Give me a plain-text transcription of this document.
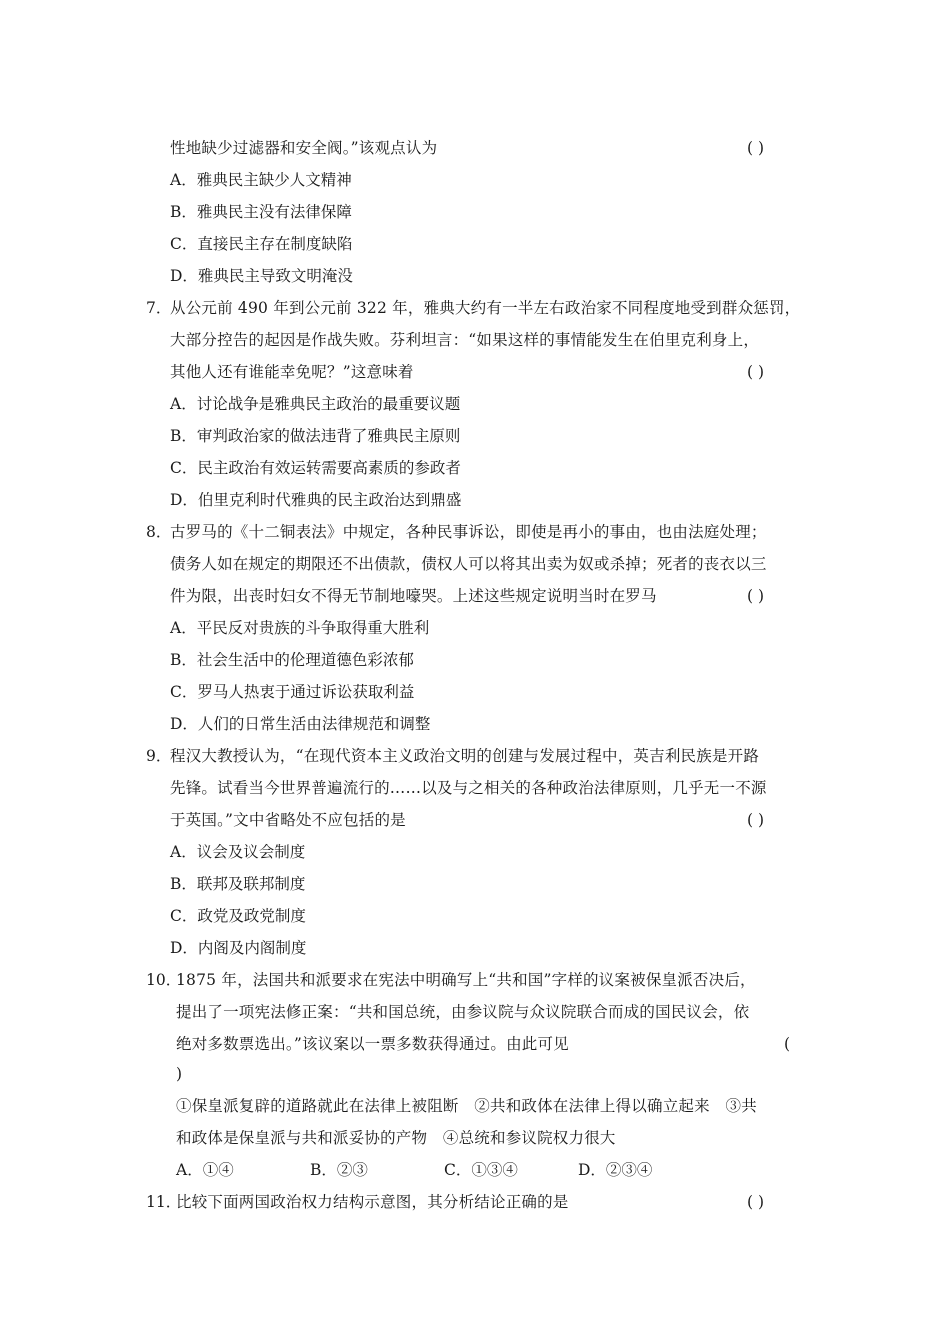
性地缺少过滤器和安全阀。”该观点认为	( )
A．雅典民主缺少人文精神
B．雅典民主没有法律保障
C．直接民主存在制度缺陷
D．雅典民主导致文明淹没
7．
从公元前 490 年到公元前 322 年，雅典大约有一半左右政治家不同程度地受到群众惩罚，
大部分控告的起因是作战失败。芬利坦言：“如果这样的事情能发生在伯里克利身上，
其他人还有谁能幸免呢？”这意味着	( )
A．讨论战争是雅典民主政治的最重要议题
B．审判政治家的做法违背了雅典民主原则
C．民主政治有效运转需要高素质的参政者
D．伯里克利时代雅典的民主政治达到鼎盛
8．
古罗马的《十二铜表法》中规定，各种民事诉讼，即使是再小的事由，也由法庭处理；
债务人如在规定的期限还不出债款，债权人可以将其出卖为奴或杀掉；死者的丧衣以三
件为限，出丧时妇女不得无节制地嚎哭。上述这些规定说明当时在罗马	( )
A．平民反对贵族的斗争取得重大胜利
B．社会生活中的伦理道德色彩浓郁
C．罗马人热衷于通过诉讼获取利益
D．人们的日常生活由法律规范和调整
9．
程汉大教授认为，“在现代资本主义政治文明的创建与发展过程中，英吉利民族是开路
先锋。试看当今世界普遍流行的……以及与之相关的各种政治法律原则，几乎无一不源
于英国。”文中省略处不应包括的是	( )
A．议会及议会制度
B．联邦及联邦制度
C．政党及政党制度
D．内阁及内阁制度
10．
1875 年，法国共和派要求在宪法中明确写上“共和国”字样的议案被保皇派否决后，
提出了一项宪法修正案：“共和国总统，由参议院与众议院联合而成的国民议会，依
绝对多数票选出。”该议案以一票多数获得通过。由此可见	(
)
①保皇派复辟的道路就此在法律上被阻断　②共和政体在法律上得以确立起来　③共
和政体是保皇派与共和派妥协的产物　④总统和参议院权力很大
A．①④	B．②③	C．①③④	D．②③④
11．
比较下面两国政治权力结构示意图，其分析结论正确的是	( )
